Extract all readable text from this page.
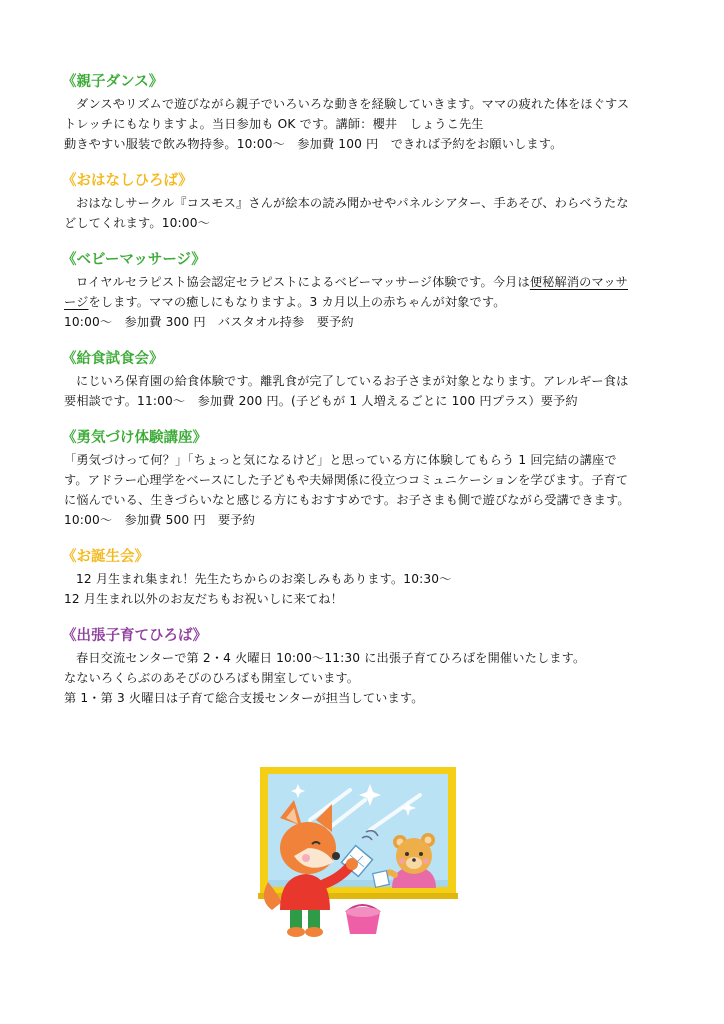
《親子ダンス》
ダンスやリズムで遊びながら親子でいろいろな動きを経験していきます。ママの疲れた体をほぐすス
トレッチにもなりますよ。当日参加も OK です。講師：櫻井　しょうこ先生
動きやすい服装で飲み物持参。10:00～　参加費 100 円　できれば予約をお願いします。
《おはなしひろば》
おはなしサークル『コスモス』さんが絵本の読み聞かせやパネルシアター、手あそび、わらべうたな
どしてくれます。10:00～
《ベビーマッサージ》
ロイヤルセラピスト協会認定セラピストによるベビーマッサージ体験です。今月は便秘解消のマッサ
ージをします。ママの癒しにもなりますよ。3 カ月以上の赤ちゃんが対象です。
10:00～　参加費 300 円　バスタオル持参　要予約
《給食試食会》
にじいろ保育園の給食体験です。離乳食が完了しているお子さまが対象となります。アレルギー食は
要相談です。11:00～　参加費 200 円。(子どもが 1 人増えるごとに 100 円プラス）要予約
《勇気づけ体験講座》
「勇気づけって何？」「ちょっと気になるけど」と思っている方に体験してもらう 1 回完結の講座で
す。アドラー心理学をベースにした子どもや夫婦関係に役立つコミュニケーションを学びます。子育て
に悩んでいる、生きづらいなと感じる方にもおすすめです。お子さまも側で遊びながら受講できます。
10:00～　参加費 500 円　要予約
《お誕生会》
12 月生まれ集まれ！先生たちからのお楽しみもあります。10:30～
12 月生まれ以外のお友だちもお祝いしに来てね！
《出張子育てひろば》
春日交流センターで第 2・4 火曜日 10:00～11:30 に出張子育てひろばを開催いたします。
なないろくらぶのあそびのひろばも開室しています。
第 1・第 3 火曜日は子育て総合支援センターが担当しています。
